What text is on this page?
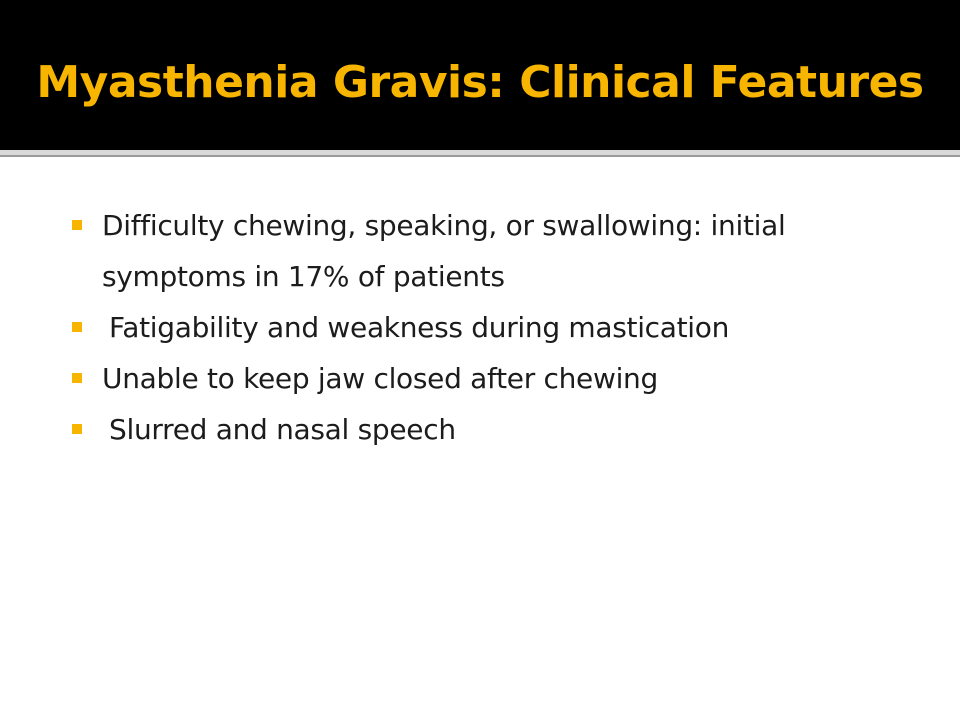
Myasthenia Gravis: Clinical Features
Difficulty chewing, speaking, or swallowing: initial symptoms in 17% of patients
Fatigability and weakness during mastication
Unable to keep jaw closed after chewing
Slurred and nasal speech
